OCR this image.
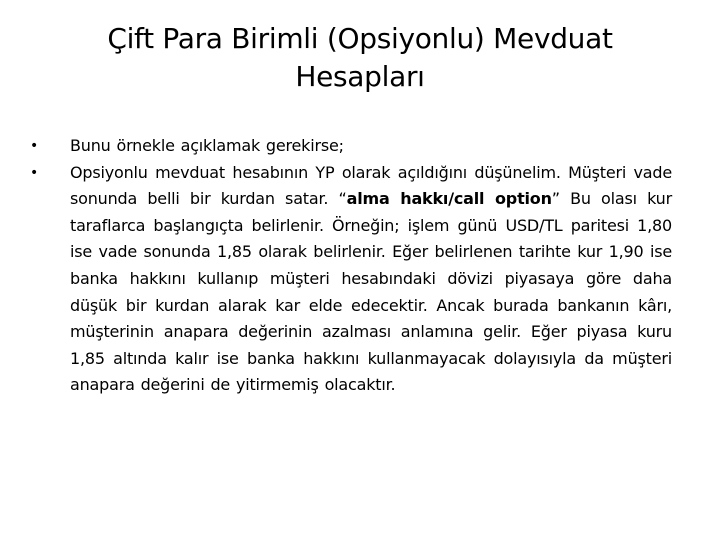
Çift Para Birimli (Opsiyonlu) Mevduat
Hesapları
•	Bunu örnekle açıklamak gerekirse;
•	Opsiyonlu mevduat hesabının YP olarak açıldığını düşünelim. Müşteri vade sonunda belli bir kurdan satar. “alma hakkı/call option” Bu olası kur taraflarca başlangıçta belirlenir. Örneğin; işlem günü USD/TL paritesi 1,80 ise vade sonunda 1,85 olarak belirlenir. Eğer belirlenen tarihte kur 1,90 ise banka hakkını kullanıp müşteri hesabındaki dövizi piyasaya göre daha düşük bir kurdan alarak kar elde edecektir. Ancak burada bankanın kârı, müşterinin anapara değerinin azalması anlamına gelir. Eğer piyasa kuru 1,85 altında kalır ise banka hakkını kullanmayacak dolayısıyla da müşteri anapara değerini de yitirmemiş olacaktır.
